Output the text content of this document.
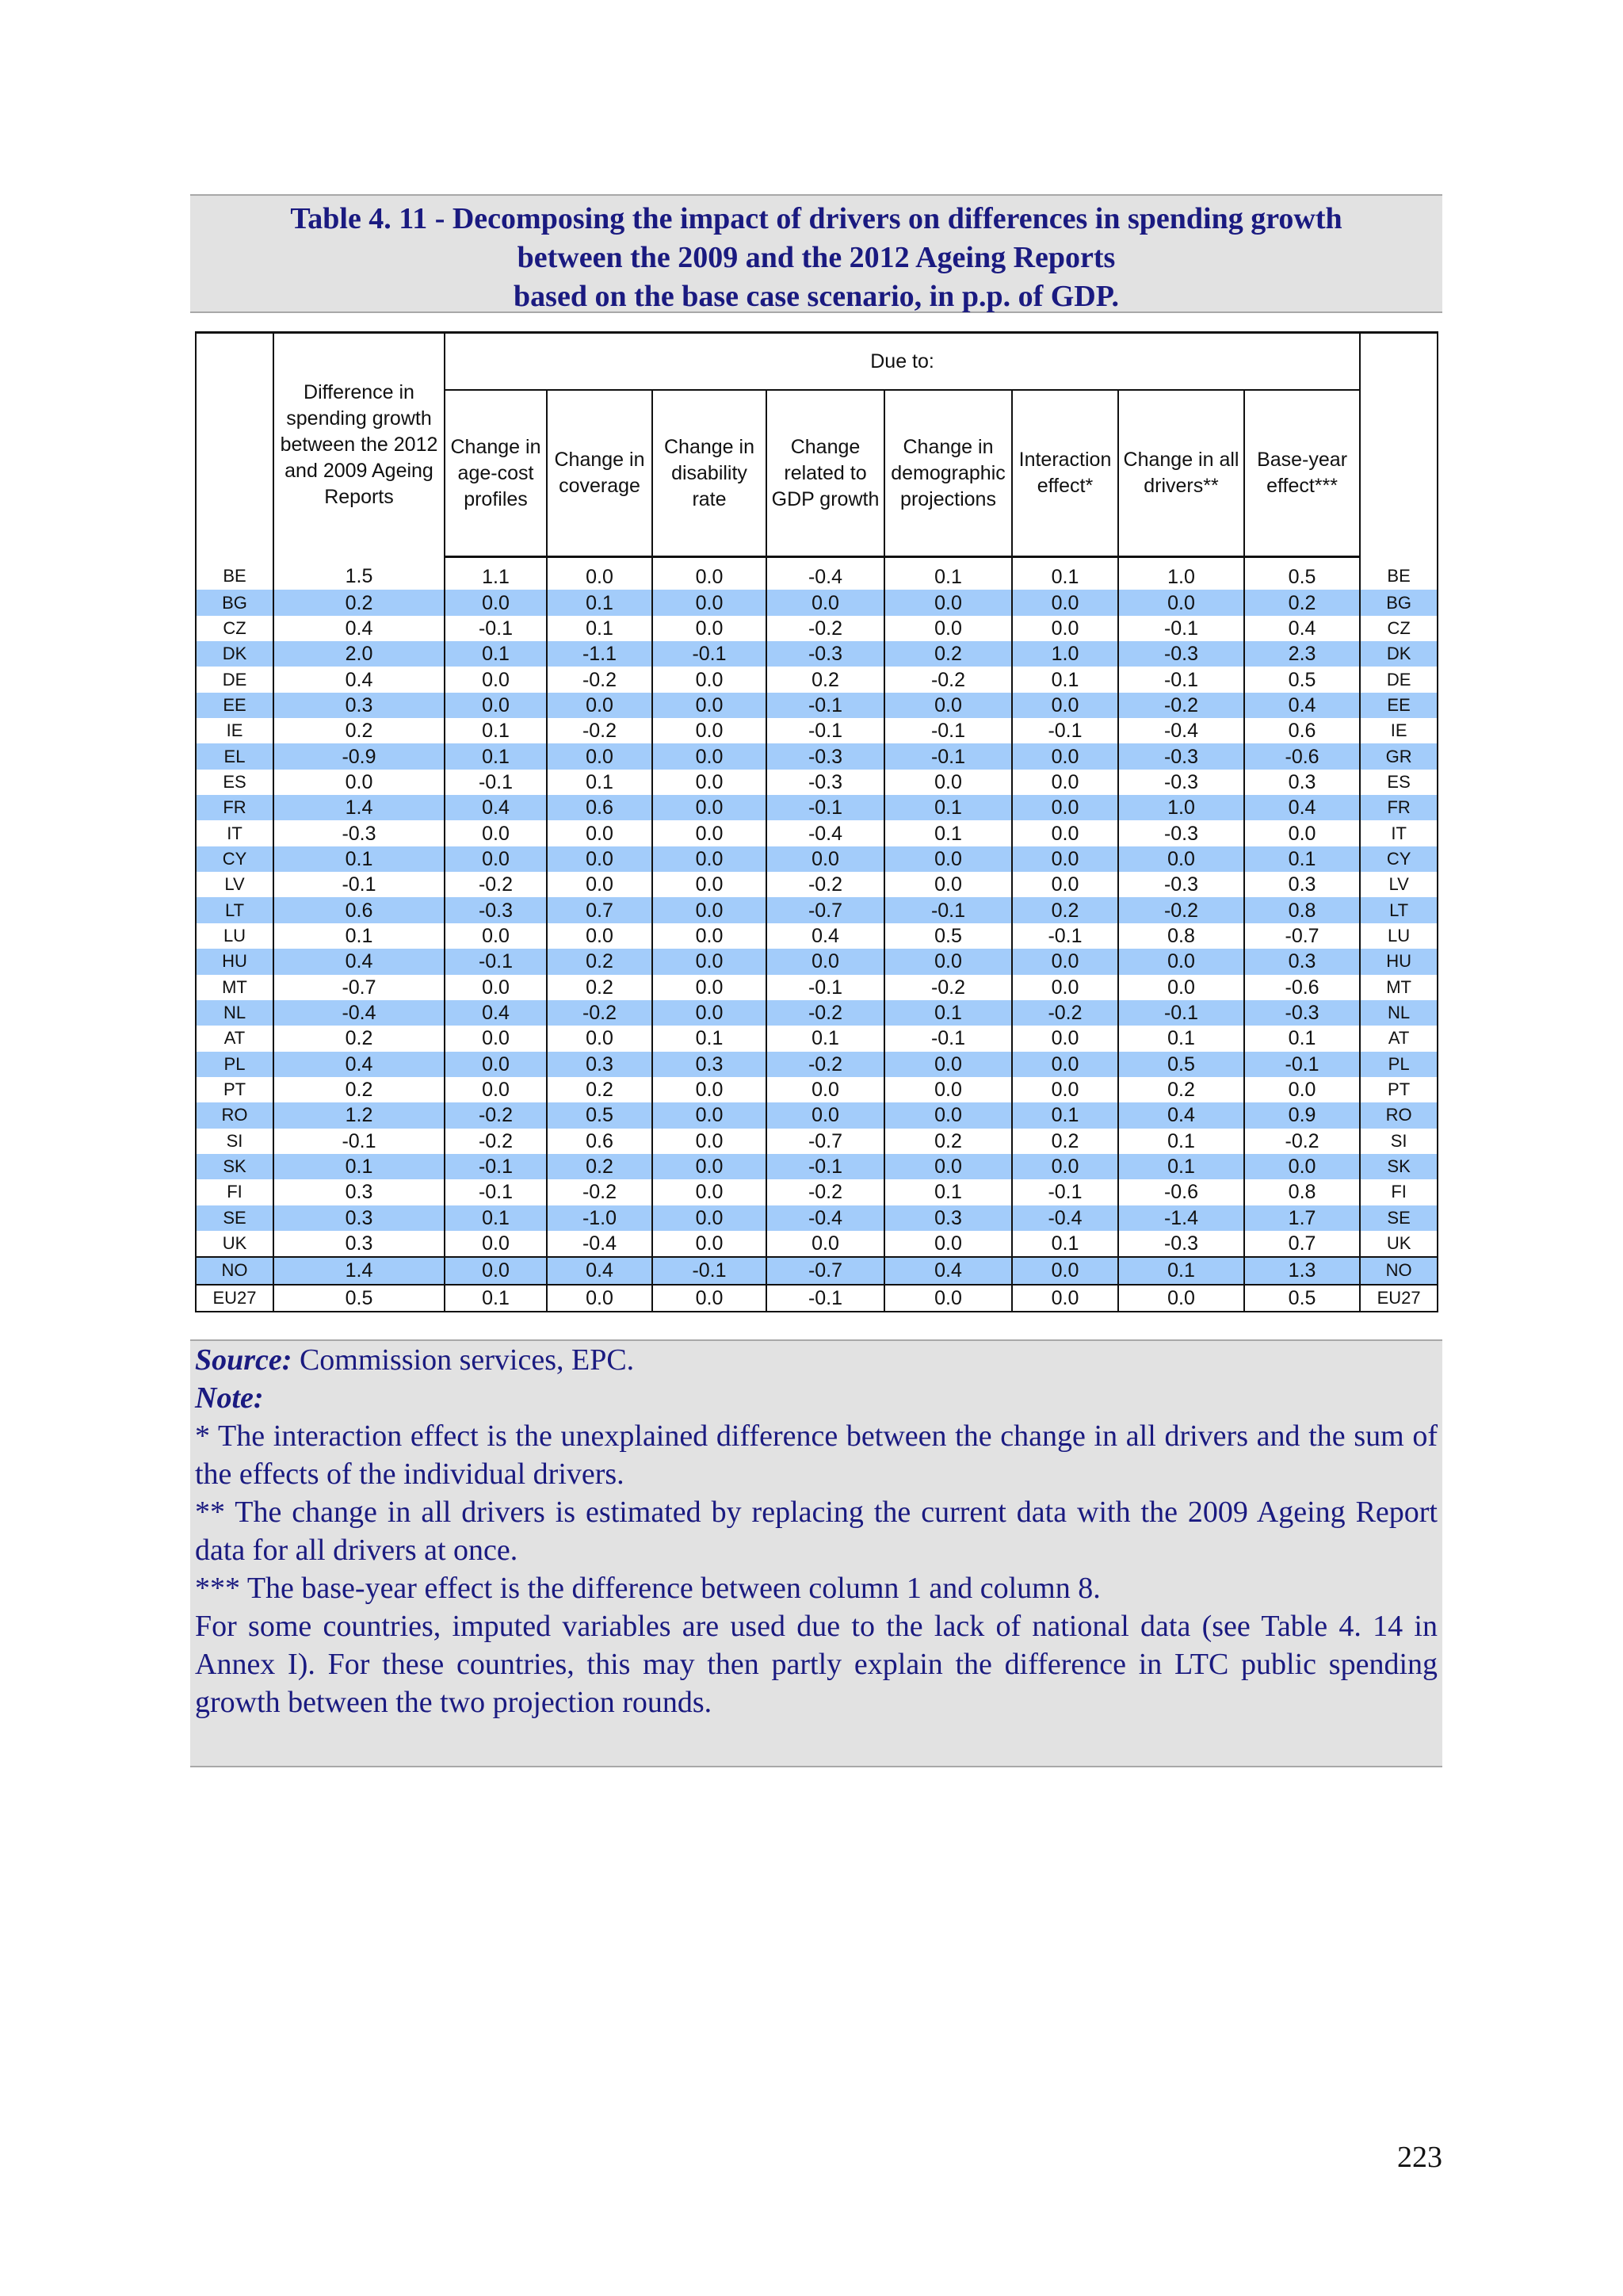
Table 4. 11 - Decomposing the impact of drivers on differences in spending growth
between the 2009 and the 2012 Ageing Reports
based on the base case scenario, in p.p. of GDP.
	Difference in spending growth between the 2012 and 2009 Ageing Reports	Due to:								
		Change in age-cost profiles	Change in coverage	Change in disability rate	Change related to GDP growth	Change in demographic projections	Interaction effect*	Change in all drivers**	Base-year effect***	
BE	1.5	1.1	0.0	0.0	-0.4	0.1	0.1	1.0	0.5	BE
BG	0.2	0.0	0.1	0.0	0.0	0.0	0.0	0.0	0.2	BG
CZ	0.4	-0.1	0.1	0.0	-0.2	0.0	0.0	-0.1	0.4	CZ
DK	2.0	0.1	-1.1	-0.1	-0.3	0.2	1.0	-0.3	2.3	DK
DE	0.4	0.0	-0.2	0.0	0.2	-0.2	0.1	-0.1	0.5	DE
EE	0.3	0.0	0.0	0.0	-0.1	0.0	0.0	-0.2	0.4	EE
IE	0.2	0.1	-0.2	0.0	-0.1	-0.1	-0.1	-0.4	0.6	IE
EL	-0.9	0.1	0.0	0.0	-0.3	-0.1	0.0	-0.3	-0.6	GR
ES	0.0	-0.1	0.1	0.0	-0.3	0.0	0.0	-0.3	0.3	ES
FR	1.4	0.4	0.6	0.0	-0.1	0.1	0.0	1.0	0.4	FR
IT	-0.3	0.0	0.0	0.0	-0.4	0.1	0.0	-0.3	0.0	IT
CY	0.1	0.0	0.0	0.0	0.0	0.0	0.0	0.0	0.1	CY
LV	-0.1	-0.2	0.0	0.0	-0.2	0.0	0.0	-0.3	0.3	LV
LT	0.6	-0.3	0.7	0.0	-0.7	-0.1	0.2	-0.2	0.8	LT
LU	0.1	0.0	0.0	0.0	0.4	0.5	-0.1	0.8	-0.7	LU
HU	0.4	-0.1	0.2	0.0	0.0	0.0	0.0	0.0	0.3	HU
MT	-0.7	0.0	0.2	0.0	-0.1	-0.2	0.0	0.0	-0.6	MT
NL	-0.4	0.4	-0.2	0.0	-0.2	0.1	-0.2	-0.1	-0.3	NL
AT	0.2	0.0	0.0	0.1	0.1	-0.1	0.0	0.1	0.1	AT
PL	0.4	0.0	0.3	0.3	-0.2	0.0	0.0	0.5	-0.1	PL
PT	0.2	0.0	0.2	0.0	0.0	0.0	0.0	0.2	0.0	PT
RO	1.2	-0.2	0.5	0.0	0.0	0.0	0.1	0.4	0.9	RO
SI	-0.1	-0.2	0.6	0.0	-0.7	0.2	0.2	0.1	-0.2	SI
SK	0.1	-0.1	0.2	0.0	-0.1	0.0	0.0	0.1	0.0	SK
FI	0.3	-0.1	-0.2	0.0	-0.2	0.1	-0.1	-0.6	0.8	FI
SE	0.3	0.1	-1.0	0.0	-0.4	0.3	-0.4	-1.4	1.7	SE
UK	0.3	0.0	-0.4	0.0	0.0	0.0	0.1	-0.3	0.7	UK
NO	1.4	0.0	0.4	-0.1	-0.7	0.4	0.0	0.1	1.3	NO
EU27	0.5	0.1	0.0	0.0	-0.1	0.0	0.0	0.0	0.5	EU27

Source: Commission services, EPC.

Note:

* The interaction effect is the unexplained difference between the change in all drivers and the sum of the effects of the individual drivers.

** The change in all drivers is estimated by replacing the current data with the 2009 Ageing Report data for all drivers at once.

*** The base-year effect is the difference between column 1 and column 8.

For some countries, imputed variables are used due to the lack of national data (see Table 4. 14 in Annex I). For these countries, this may then partly explain the difference in LTC public spending growth between the two projection rounds.

223
